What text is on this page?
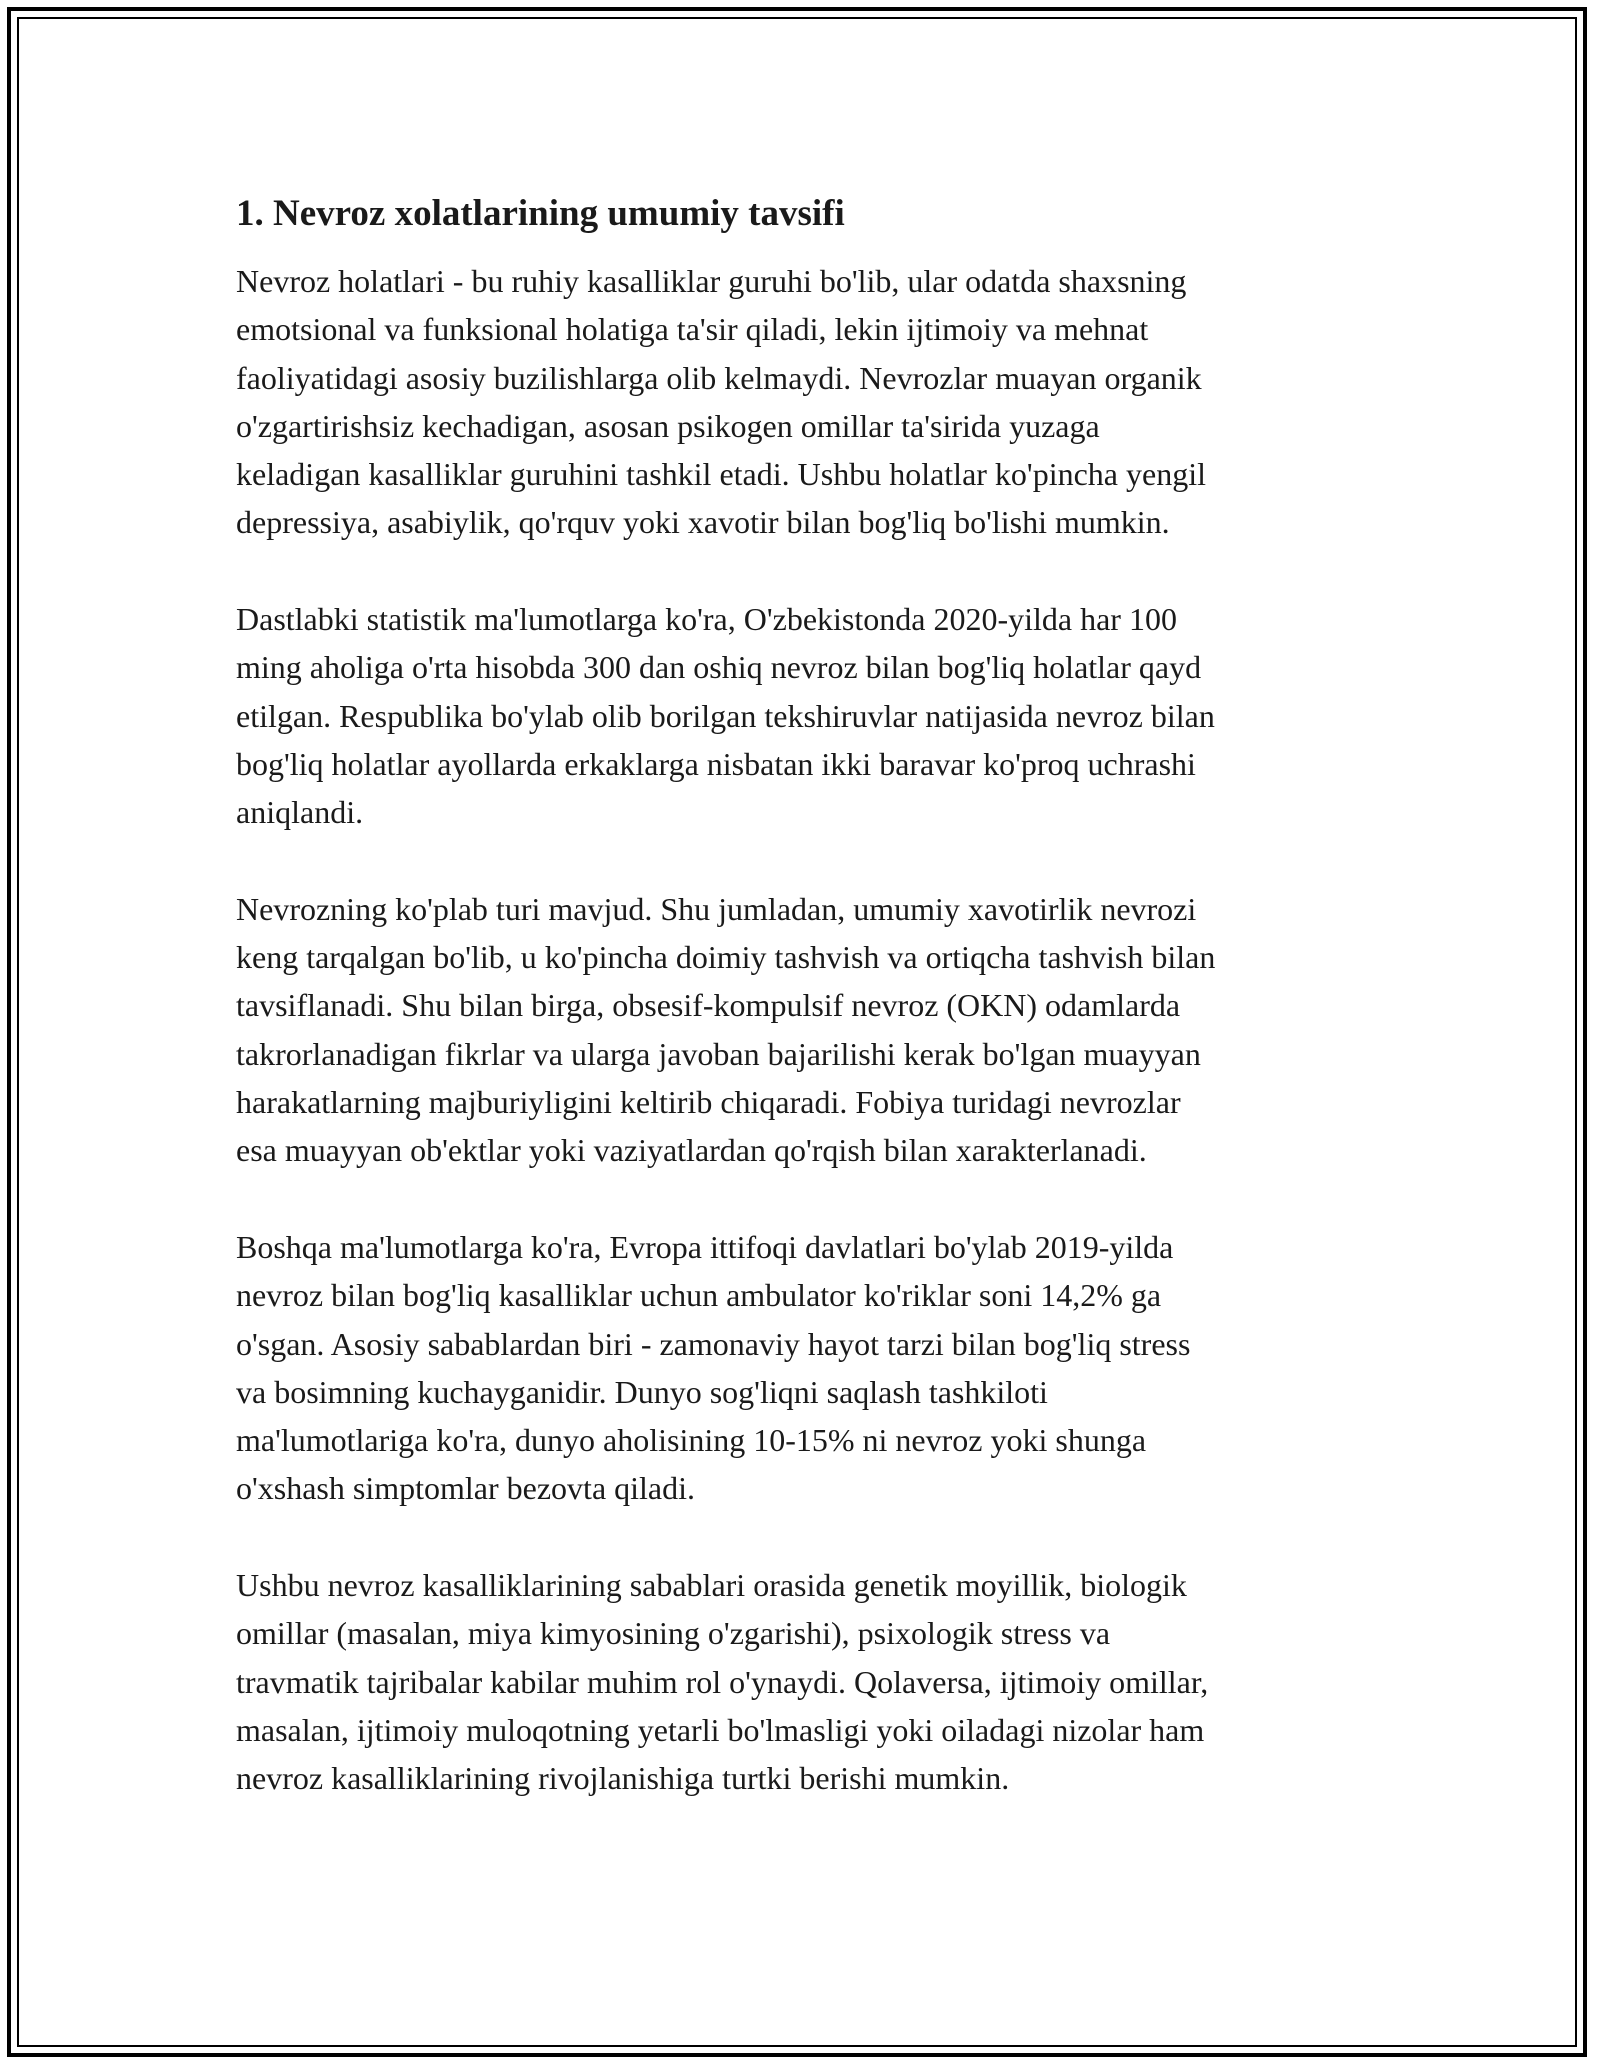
1. Nevroz xolatlarining umumiy tavsifi

Nevroz holatlari - bu ruhiy kasalliklar guruhi bo'lib, ular odatda shaxsning
emotsional va funksional holatiga ta'sir qiladi, lekin ijtimoiy va mehnat
faoliyatidagi asosiy buzilishlarga olib kelmaydi. Nevrozlar muayan organik
o'zgartirishsiz kechadigan, asosan psikogen omillar ta'sirida yuzaga
keladigan kasalliklar guruhini tashkil etadi. Ushbu holatlar ko'pincha yengil
depressiya, asabiylik, qo'rquv yoki xavotir bilan bog'liq bo'lishi mumkin.

Dastlabki statistik ma'lumotlarga ko'ra, O'zbekistonda 2020-yilda har 100
ming aholiga o'rta hisobda 300 dan oshiq nevroz bilan bog'liq holatlar qayd
etilgan. Respublika bo'ylab olib borilgan tekshiruvlar natijasida nevroz bilan
bog'liq holatlar ayollarda erkaklarga nisbatan ikki baravar ko'proq uchrashi
aniqlandi.

Nevrozning ko'plab turi mavjud. Shu jumladan, umumiy xavotirlik nevrozi
keng tarqalgan bo'lib, u ko'pincha doimiy tashvish va ortiqcha tashvish bilan
tavsiflanadi. Shu bilan birga, obsesif-kompulsif nevroz (OKN) odamlarda
takrorlanadigan fikrlar va ularga javoban bajarilishi kerak bo'lgan muayyan
harakatlarning majburiyligini keltirib chiqaradi. Fobiya turidagi nevrozlar
esa muayyan ob'ektlar yoki vaziyatlardan qo'rqish bilan xarakterlanadi.

Boshqa ma'lumotlarga ko'ra, Evropa ittifoqi davlatlari bo'ylab 2019-yilda
nevroz bilan bog'liq kasalliklar uchun ambulator ko'riklar soni 14,2% ga
o'sgan. Asosiy sabablardan biri - zamonaviy hayot tarzi bilan bog'liq stress
va bosimning kuchayganidir. Dunyo sog'liqni saqlash tashkiloti
ma'lumotlariga ko'ra, dunyo aholisining 10-15% ni nevroz yoki shunga
o'xshash simptomlar bezovta qiladi.

Ushbu nevroz kasalliklarining sabablari orasida genetik moyillik, biologik
omillar (masalan, miya kimyosining o'zgarishi), psixologik stress va
travmatik tajribalar kabilar muhim rol o'ynaydi. Qolaversa, ijtimoiy omillar,
masalan, ijtimoiy muloqotning yetarli bo'lmasligi yoki oiladagi nizolar ham
nevroz kasalliklarining rivojlanishiga turtki berishi mumkin.
